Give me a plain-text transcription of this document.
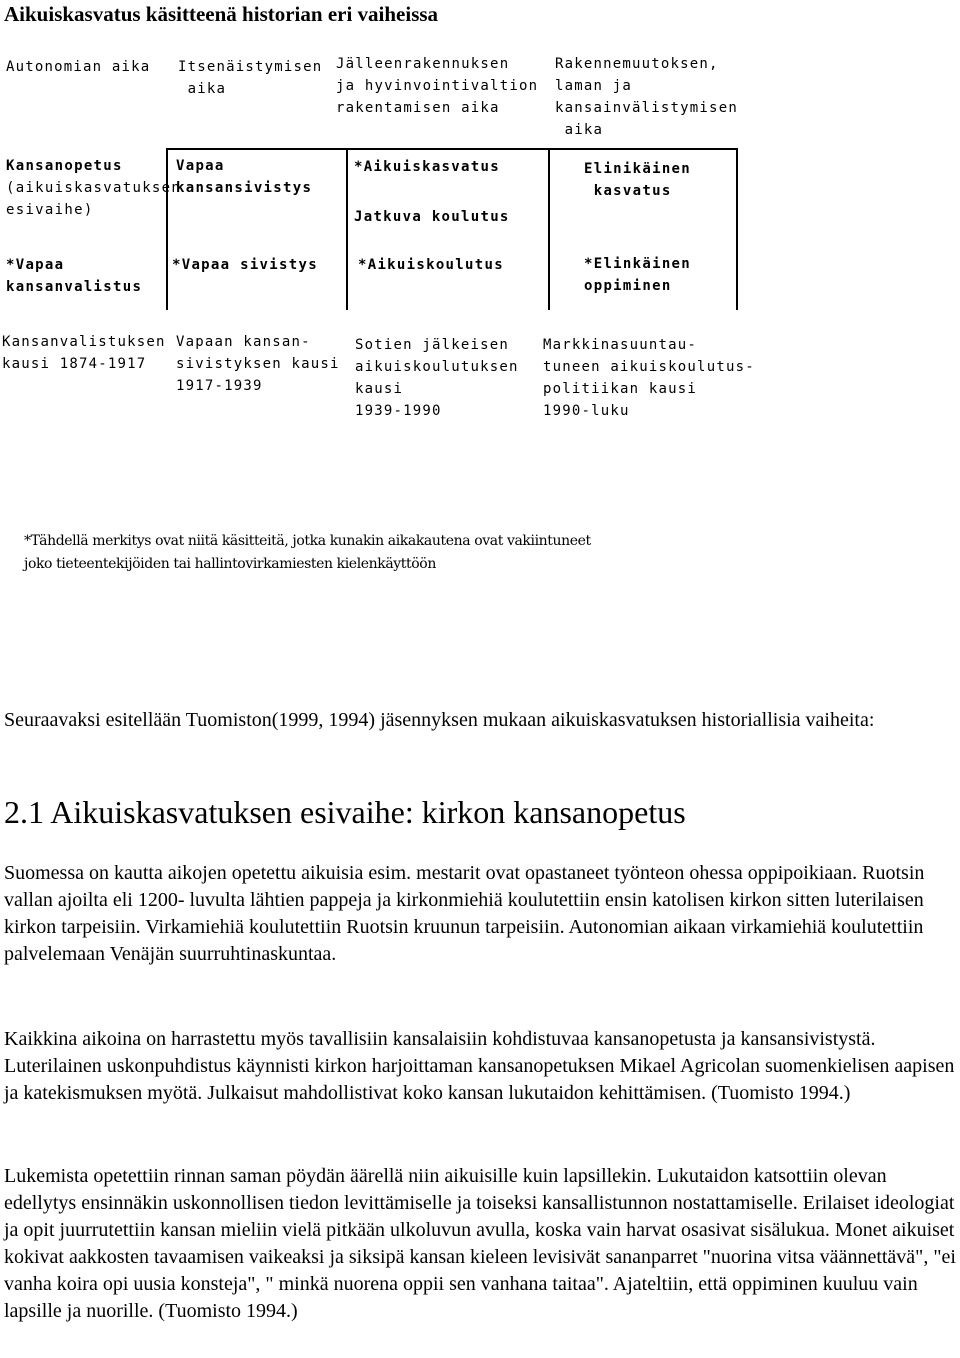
Aikuiskasvatus käsitteenä historian eri vaiheissa
Autonomian aika Itsenäistymisen
aika
Jälleenrakennuksen
ja hyvinvointivaltion
rakentamisen aika
Rakennemuutoksen,
laman ja
kansainvälistymisen
aika
Kansanopetus
(aikuiskasvatuksen
esivaihe)
*Vapaa
kansanvalistus
Vapaa
kansansivistys
*Vapaa sivistys
*Aikuiskasvatus

Jatkuva koulutus
*Aikuiskoulutus
Elinikäinen
kasvatus
*Elinkäinen
oppiminen
Kansanvalistuksen
kausi 1874-1917
Vapaan kansan-
sivistyksen kausi
1917-1939
Sotien jälkeisen
aikuiskoulutuksen
kausi
1939-1990
Markkinasuuntau-
tuneen aikuiskoulutus-
politiikan kausi
1990-luku
*Tähdellä merkitys ovat niitä käsitteitä, jotka kunakin aikakautena ovat vakiintuneet
joko tieteentekijöiden tai hallintovirkamiesten kielenkäyttöön

Seuraavaksi esitellään Tuomiston(1999, 1994) jäsennyksen mukaan aikuiskasvatuksen historiallisia vaiheita:

2.1 Aikuiskasvatuksen esivaihe: kirkon kansanopetus

Suomessa on kautta aikojen opetettu aikuisia esim. mestarit ovat opastaneet työnteon ohessa oppipoikiaan. Ruotsin vallan ajoilta eli 1200- luvulta lähtien pappeja ja kirkonmiehiä koulutettiin ensin katolisen kirkon sitten luterilaisen kirkon tarpeisiin. Virkamiehiä koulutettiin Ruotsin kruunun tarpeisiin. Autonomian aikaan virkamiehiä koulutettiin palvelemaan Venäjän suurruhtinaskuntaa.

Kaikkina aikoina on harrastettu myös tavallisiin kansalaisiin kohdistuvaa kansanopetusta ja kansansivistystä. Luterilainen uskonpuhdistus käynnisti kirkon harjoittaman kansanopetuksen Mikael Agricolan suomenkielisen aapisen ja katekismuksen myötä. Julkaisut mahdollistivat koko kansan lukutaidon kehittämisen. (Tuomisto 1994.)

Lukemista opetettiin rinnan saman pöydän äärellä niin aikuisille kuin lapsillekin. Lukutaidon katsottiin olevan edellytys ensinnäkin uskonnollisen tiedon levittämiselle ja toiseksi kansallistunnon nostattamiselle. Erilaiset ideologiat ja opit juurrutettiin kansan mieliin vielä pitkään ulkoluvun avulla, koska vain harvat osasivat sisälukua. Monet aikuiset kokivat aakkosten tavaamisen vaikeaksi ja siksipä kansan kieleen levisivät sananparret "nuorina vitsa väännettävä", "ei vanha koira opi uusia konsteja", " minkä nuorena oppii sen vanhana taitaa". Ajateltiin, että oppiminen kuuluu vain lapsille ja nuorille. (Tuomisto 1994.)
